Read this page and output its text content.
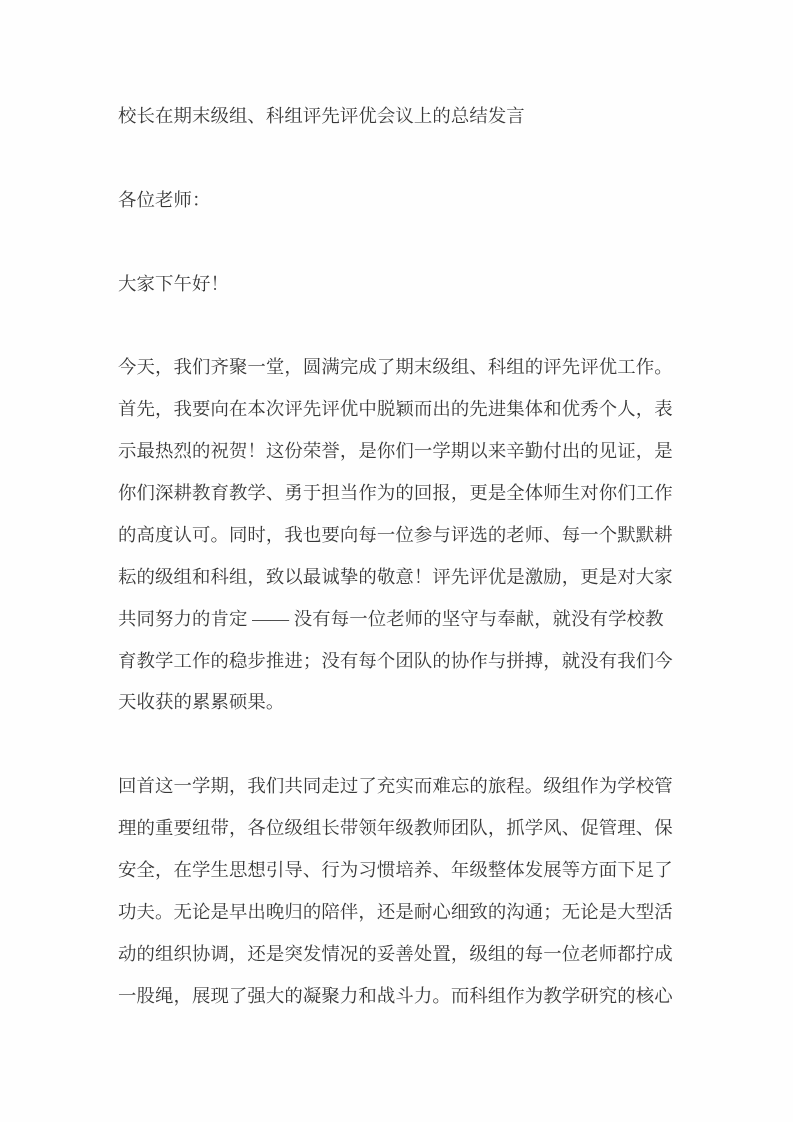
校长在期末级组、科组评先评优会议上的总结发言
各位老师：
大家下午好！
今天，我们齐聚一堂，圆满完成了期末级组、科组的评先评优工作。
首先，我要向在本次评先评优中脱颖而出的先进集体和优秀个人，表
示最热烈的祝贺！这份荣誉，是你们一学期以来辛勤付出的见证，是
你们深耕教育教学、勇于担当作为的回报，更是全体师生对你们工作
的高度认可。同时，我也要向每一位参与评选的老师、每一个默默耕
耘的级组和科组，致以最诚挚的敬意！评先评优是激励，更是对大家
共同努力的肯定 —— 没有每一位老师的坚守与奉献，就没有学校教
育教学工作的稳步推进；没有每个团队的协作与拼搏，就没有我们今
天收获的累累硕果。
回首这一学期，我们共同走过了充实而难忘的旅程。级组作为学校管
理的重要纽带，各位级组长带领年级教师团队，抓学风、促管理、保
安全，在学生思想引导、行为习惯培养、年级整体发展等方面下足了
功夫。无论是早出晚归的陪伴，还是耐心细致的沟通；无论是大型活
动的组织协调，还是突发情况的妥善处置，级组的每一位老师都拧成
一股绳，展现了强大的凝聚力和战斗力。而科组作为教学研究的核心
